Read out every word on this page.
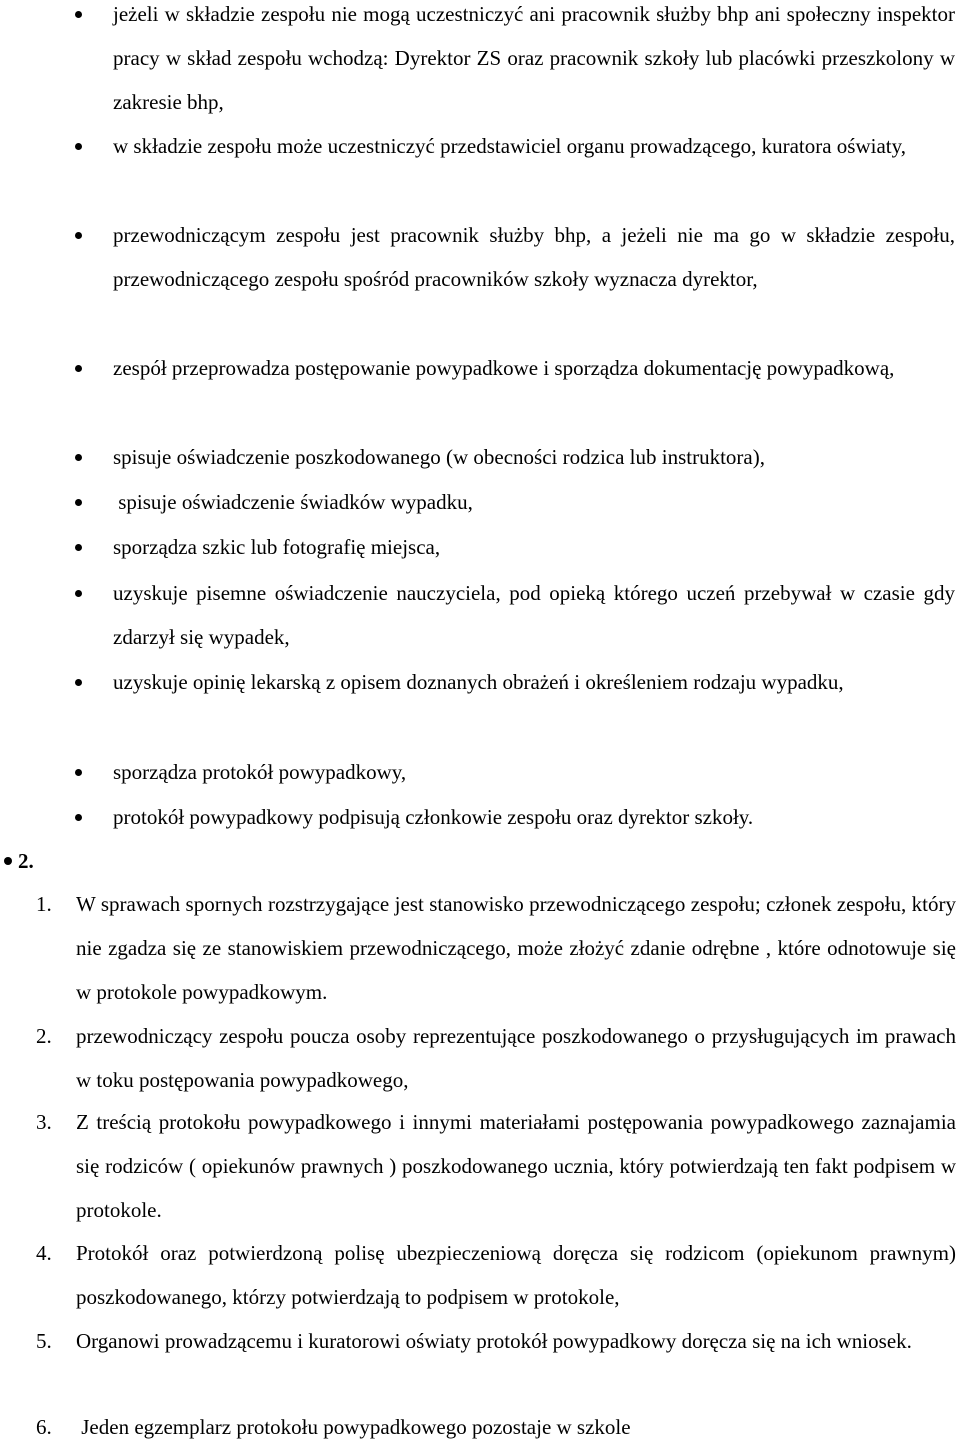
jeżeli w składzie zespołu nie mogą uczestniczyć ani pracownik służby bhp ani społeczny inspektor pracy w skład zespołu wchodzą: Dyrektor ZS oraz pracownik szkoły lub placówki przeszkolony w zakresie bhp,
w składzie zespołu może uczestniczyć przedstawiciel organu prowadzącego, kuratora oświaty,
przewodniczącym zespołu jest pracownik służby bhp, a jeżeli nie ma go w składzie zespołu, przewodniczącego zespołu spośród pracowników szkoły wyznacza dyrektor,
zespół przeprowadza postępowanie powypadkowe i sporządza dokumentację powypadkową,
spisuje oświadczenie poszkodowanego (w obecności rodzica lub instruktora),
spisuje oświadczenie świadków wypadku,
sporządza szkic lub fotografię miejsca,
uzyskuje pisemne oświadczenie nauczyciela, pod opieką którego uczeń przebywał w czasie gdy zdarzył się wypadek,
uzyskuje opinię lekarską z opisem doznanych obrażeń i określeniem rodzaju wypadku,
sporządza protokół powypadkowy,
protokół powypadkowy podpisują członkowie zespołu oraz dyrektor szkoły.
2.
1. W sprawach spornych rozstrzygające jest stanowisko przewodniczącego zespołu; członek zespołu, który nie zgadza się ze stanowiskiem przewodniczącego, może złożyć zdanie odrębne , które odnotowuje się w protokole powypadkowym.
2. przewodniczący zespołu poucza osoby reprezentujące poszkodowanego o przysługujących im prawach w toku postępowania powypadkowego,
3. Z treścią protokołu powypadkowego i innymi materiałami postępowania powypadkowego zaznajamia się rodziców ( opiekunów prawnych ) poszkodowanego ucznia, który potwierdzają ten fakt podpisem w protokole.
4. Protokół oraz potwierdzoną polisę ubezpieczeniową doręcza się rodzicom (opiekunom prawnym) poszkodowanego, którzy potwierdzają to podpisem w protokole,
5. Organowi prowadzącemu i kuratorowi oświaty protokół powypadkowy doręcza się na ich wniosek.
6. Jeden egzemplarz protokołu powypadkowego pozostaje w szkole
